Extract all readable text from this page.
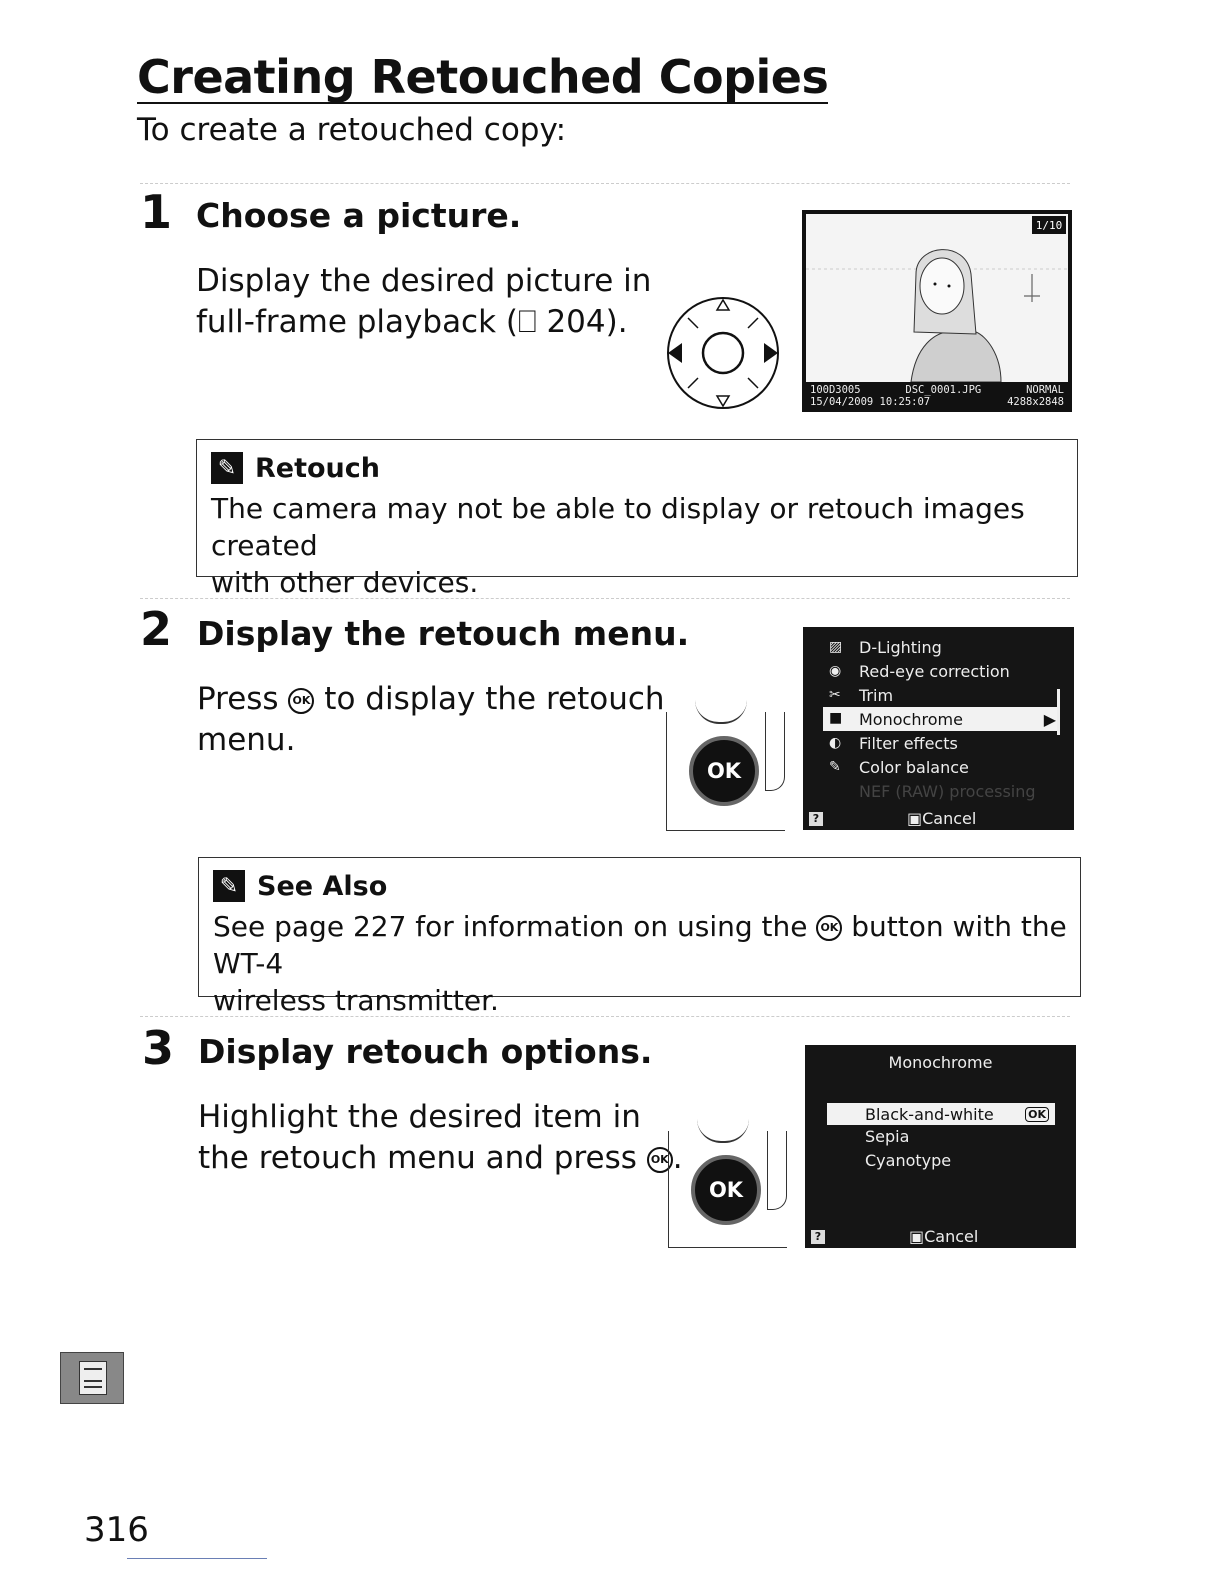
Creating Retouched Copies
To create a retouched copy:
1 Choose a picture.
Display the desired picture in
full-frame playback (⎕ 204).
1/10
100D3005	DSC_0001.JPG	NORMAL
15/04/2009 10:25:07	4288x2848
✎ Retouch
The camera may not be able to display or retouch images created
with other devices.
2 Display the retouch menu.
Press OK to display the retouch
menu.
OK
▨	D-Lighting
◉	Red-eye correction
✂	Trim
■	Monochrome	▶
◐	Filter effects
✎	Color balance
NEF (RAW) processing
?	▣Cancel
✎ See Also
See page 227 for information on using the OK button with the WT-4
wireless transmitter.
3 Display retouch options.
Highlight the desired item in
the retouch menu and press OK .
OK
Monochrome
Black-and-white	OK
Sepia
Cyanotype
?	▣Cancel
316
